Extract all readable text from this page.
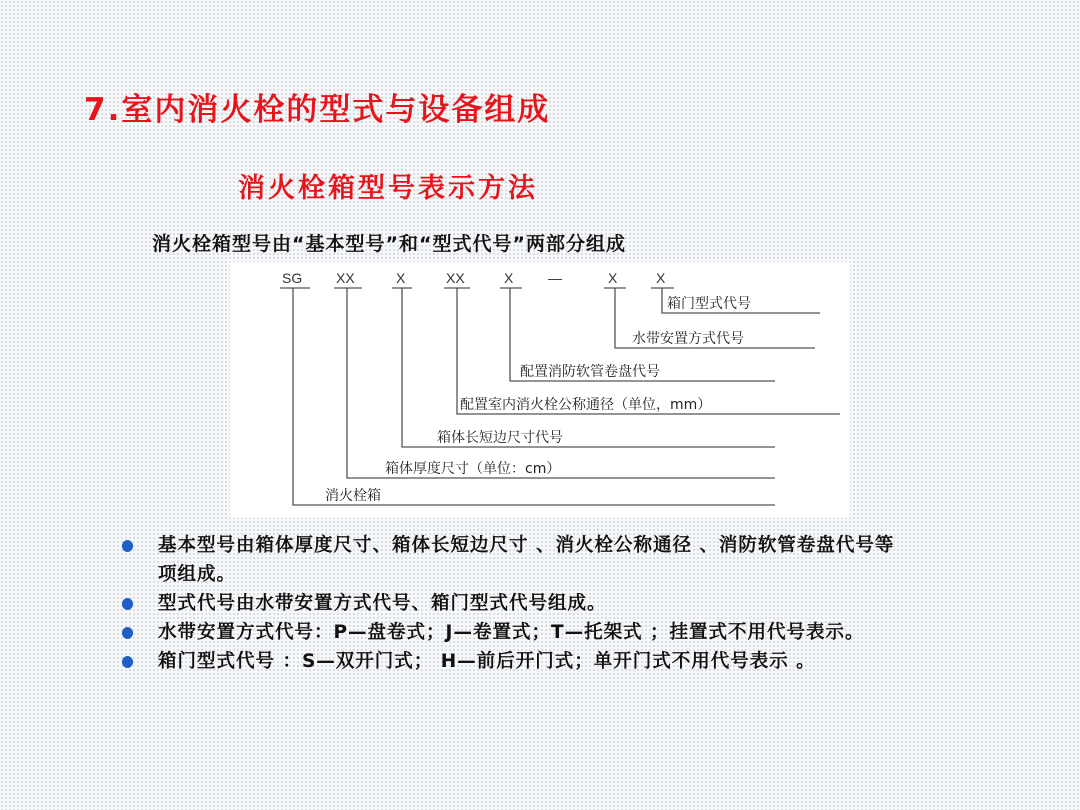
7.室内消火栓的型式与设备组成
消火栓箱型号表示方法
消火栓箱型号由“基本型号”和“型式代号”两部分组成
SG XX	X	XX	X —	X	X
箱门型式代号
水带安置方式代号
配置消防软管卷盘代号
配置室内消火栓公称通径（单位，mm）
箱体长短边尺寸代号
箱体厚度尺寸（单位：cm）
消火栓箱
基本型号由箱体厚度尺寸、箱体长短边尺寸 、消火栓公称通径 、消防软管卷盘代号等项组成。
型式代号由水带安置方式代号、箱门型式代号组成。
水带安置方式代号：P—盘卷式；J—卷置式；T—托架式 ；挂置式不用代号表示。
箱门型式代号 ：S—双开门式； H—前后开门式；单开门式不用代号表示 。
